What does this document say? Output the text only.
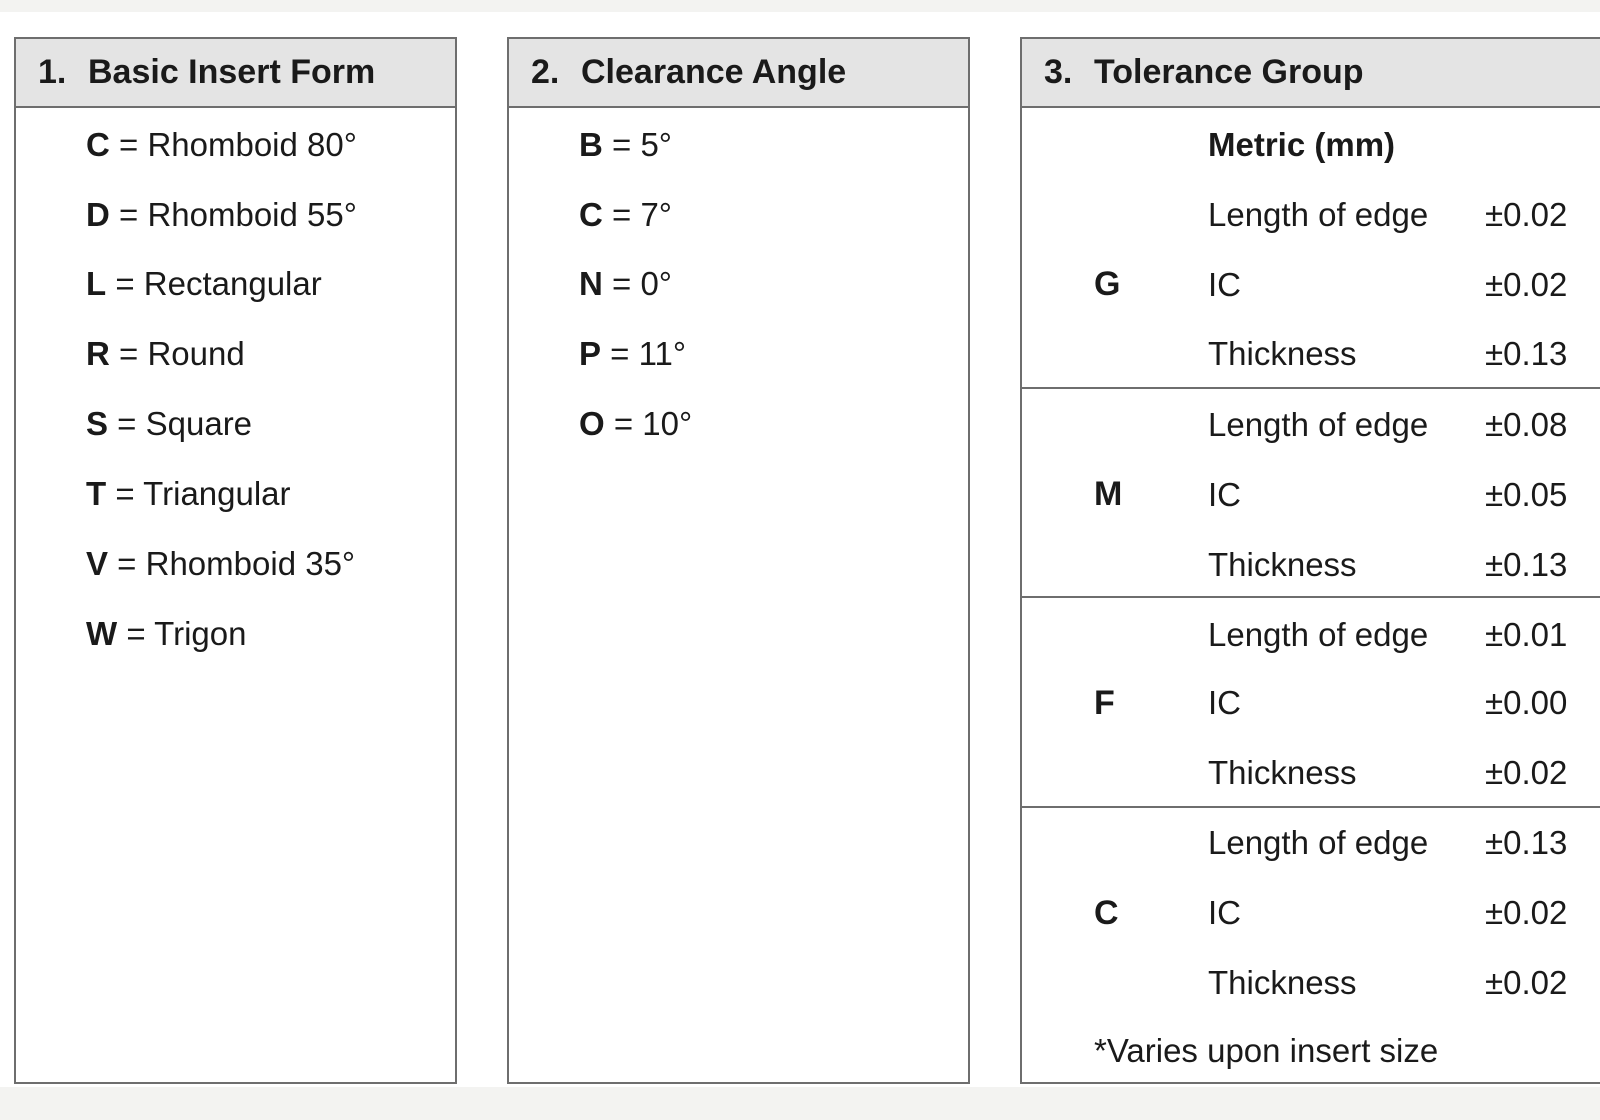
1. Basic Insert Form
C = Rhomboid 80°
D = Rhomboid 55°
L = Rectangular
R = Round
S = Square
T = Triangular
V = Rhomboid 35°
W = Trigon
2. Clearance Angle
B = 5°
C = 7°
N = 0°
P = 11°
O = 10°
3. Tolerance Group
Metric (mm)
G
Length of edge ±0.02
IC	±0.02
Thickness	±0.13
M
Length of edge ±0.08
IC	±0.05
Thickness	±0.13
F
Length of edge ±0.01
IC	±0.00
Thickness	±0.02
C
Length of edge ±0.13
IC	±0.02
Thickness	±0.02
*Varies upon insert size
